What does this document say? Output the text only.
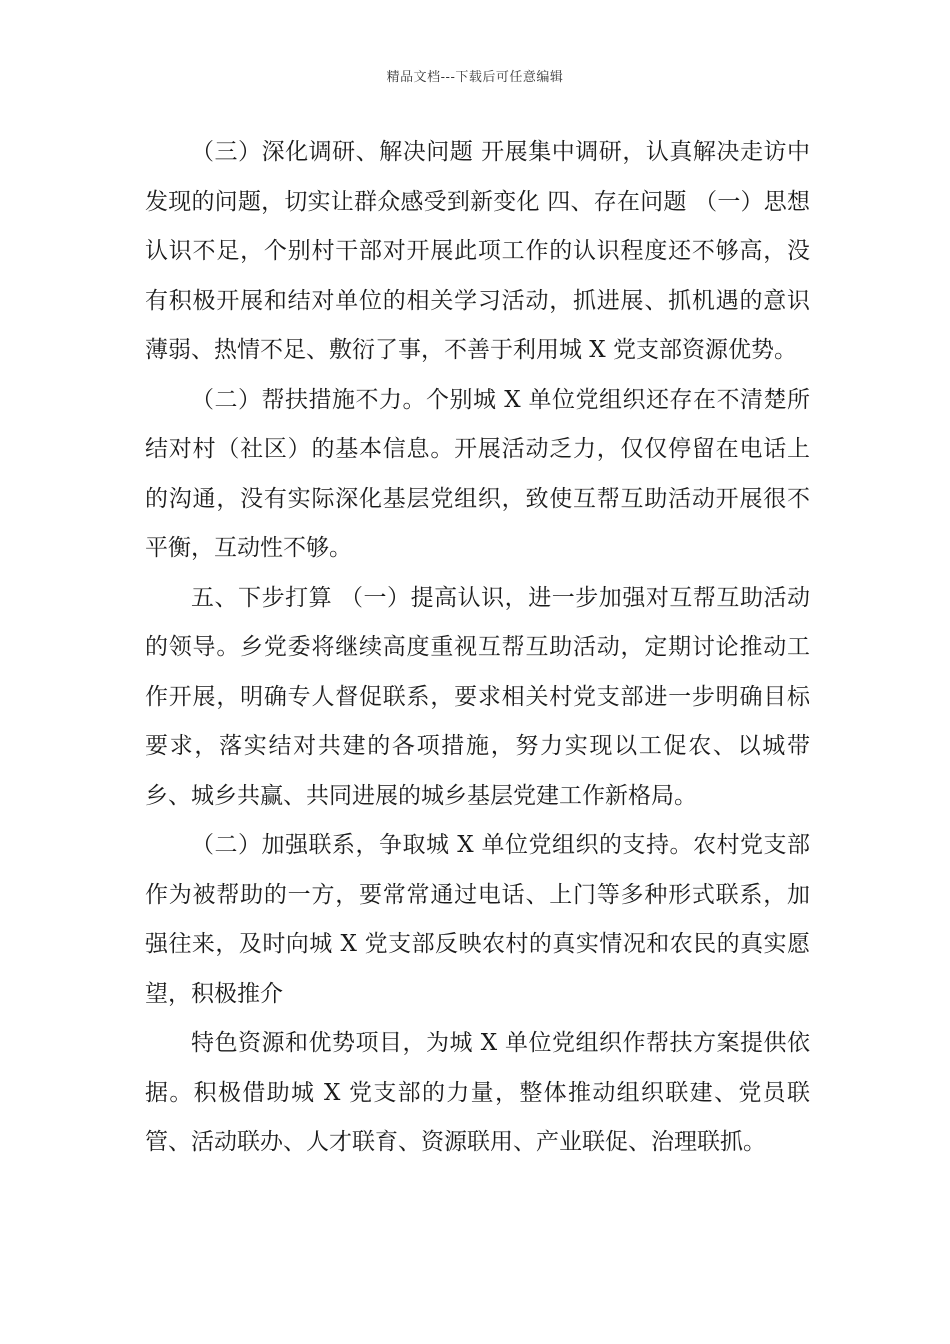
精品文档---下载后可任意编辑

（三）深化调研、解决问题 开展集中调研，认真解决走访中发现的问题，切实让群众感受到新变化 四、存在问题 （一）思想认识不足，个别村干部对开展此项工作的认识程度还不够高，没有积极开展和结对单位的相关学习活动，抓进展、抓机遇的意识薄弱、热情不足、敷衍了事，不善于利用城 X 党支部资源优势。

（二）帮扶措施不力。个别城 X 单位党组织还存在不清楚所结对村（社区）的基本信息。开展活动乏力，仅仅停留在电话上的沟通，没有实际深化基层党组织，致使互帮互助活动开展很不平衡，互动性不够。

五、下步打算 （一）提高认识，进一步加强对互帮互助活动的领导。乡党委将继续高度重视互帮互助活动，定期讨论推动工作开展，明确专人督促联系，要求相关村党支部进一步明确目标要求，落实结对共建的各项措施，努力实现以工促农、以城带乡、城乡共赢、共同进展的城乡基层党建工作新格局。

（二）加强联系，争取城 X 单位党组织的支持。农村党支部作为被帮助的一方，要常常通过电话、上门等多种形式联系，加强往来，及时向城 X 党支部反映农村的真实情况和农民的真实愿望，积极推介

特色资源和优势项目，为城 X 单位党组织作帮扶方案提供依据。积极借助城 X 党支部的力量，整体推动组织联建、党员联管、活动联办、人才联育、资源联用、产业联促、治理联抓。
